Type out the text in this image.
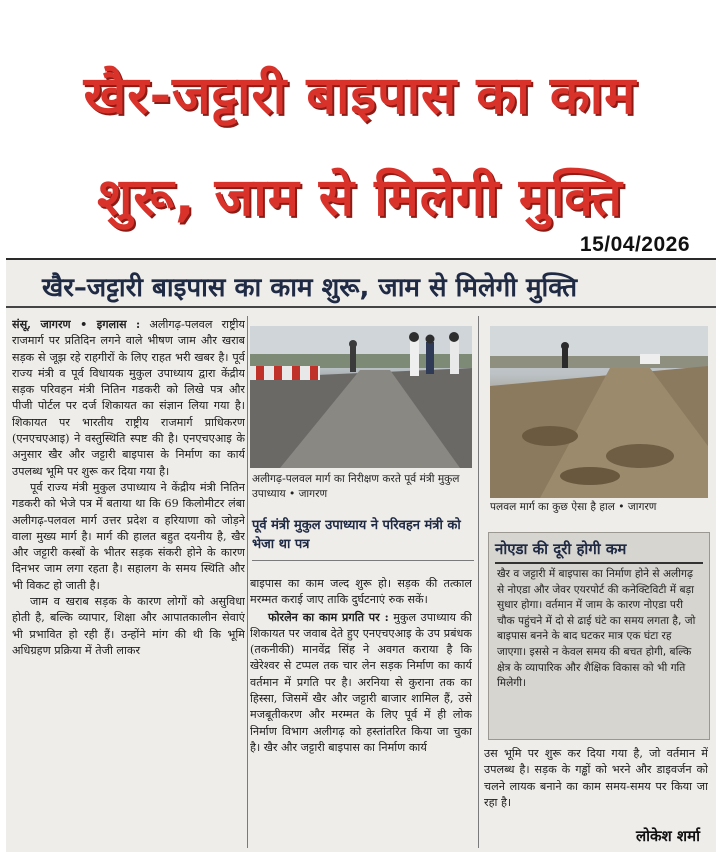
खैर-जट्टारी बाइपास का काम
शुरू, जाम से मिलेगी मुक्ति
15/04/2026
खैर–जट्टारी बाइपास का काम शुरू, जाम से मिलेगी मुक्ति

संसू, जागरण • इगलास : अलीगढ़-पलवल राष्ट्रीय राजमार्ग पर प्रतिदिन लगने वाले भीषण जाम और खराब सड़क से जूझ रहे राहगीरों के लिए राहत भरी खबर है। पूर्व राज्य मंत्री व पूर्व विधायक मुकुल उपाध्याय द्वारा केंद्रीय सड़क परिवहन मंत्री नितिन गडकरी को लिखे पत्र और पीजी पोर्टल पर दर्ज शिकायत का संज्ञान लिया गया है। शिकायत पर भारतीय राष्ट्रीय राजमार्ग प्राधिकरण (एनएचएआइ) ने वस्तुस्थिति स्पष्ट की है। एनएचएआइ के अनुसार खैर और जट्टारी बाइपास के निर्माण का कार्य उपलब्ध भूमि पर शुरू कर दिया गया है।

पूर्व राज्य मंत्री मुकुल उपाध्याय ने केंद्रीय मंत्री नितिन गडकरी को भेजे पत्र में बताया था कि 69 किलोमीटर लंबा अलीगढ़-पलवल मार्ग उत्तर प्रदेश व हरियाणा को जोड़ने वाला मुख्य मार्ग है। मार्ग की हालत बहुत दयनीय है, खैर और जट्टारी कस्बों के भीतर सड़क संकरी होने के कारण दिनभर जाम लगा रहता है। सहालग के समय स्थिति और भी विकट हो जाती है।

जाम व खराब सड़क के कारण लोगों को असुविधा होती है, बल्कि व्यापार, शिक्षा और आपातकालीन सेवाएं भी प्रभावित हो रही हैं। उन्होंने मांग की थी कि भूमि अधिग्रहण प्रक्रिया में तेजी लाकर

अलीगढ़-पलवल मार्ग का निरीक्षण करते पूर्व मंत्री मुकुल उपाध्याय • जागरण
पलवल मार्ग का कुछ ऐसा है हाल • जागरण
पूर्व मंत्री मुकुल उपाध्याय ने परिवहन मंत्री को भेजा था पत्र

बाइपास का काम जल्द शुरू हो। सड़क की तत्काल मरम्मत कराई जाए ताकि दुर्घटनाएं रुक सकें।

फोरलेन का काम प्रगति पर : मुकुल उपाध्याय की शिकायत पर जवाब देते हुए एनएचएआइ के उप प्रबंधक (तकनीकी) मानवेंद्र सिंह ने अवगत कराया है कि खेरेश्वर से टप्पल तक चार लेन सड़क निर्माण का कार्य वर्तमान में प्रगति पर है। अरनिया से कुराना तक का हिस्सा, जिसमें खैर और जट्टारी बाजार शामिल हैं, उसे मजबूतीकरण और मरम्मत के लिए पूर्व में ही लोक निर्माण विभाग अलीगढ़ को हस्तांतरित किया जा चुका है। खैर और जट्टारी बाइपास का निर्माण कार्य

नोएडा की दूरी होगी कम

खैर व जट्टारी में बाइपास का निर्माण होने से अलीगढ़ से नोएडा और जेवर एयरपोर्ट की कनेक्टिविटी में बड़ा सुधार होगा। वर्तमान में जाम के कारण नोएडा परी चौक पहुंचने में दो से ढाई घंटे का समय लगता है, जो बाइपास बनने के बाद घटकर मात्र एक घंटा रह जाएगा। इससे न केवल समय की बचत होगी, बल्कि क्षेत्र के व्यापारिक और शैक्षिक विकास को भी गति मिलेगी।

उस भूमि पर शुरू कर दिया गया है, जो वर्तमान में उपलब्ध है। सड़क के गड्ढों को भरने और डाइवर्जन को चलने लायक बनाने का काम समय-समय पर किया जा रहा है।

लोकेश शर्मा
